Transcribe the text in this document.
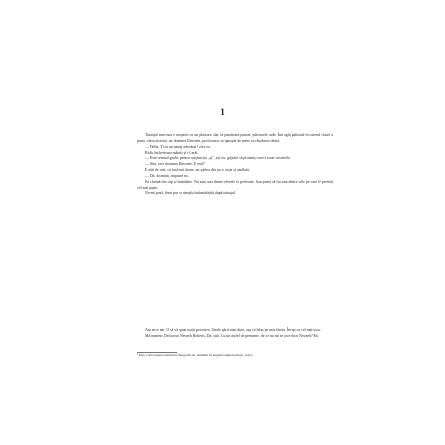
1

Tatuajul meu nou e acoperit cu un plasture, dar, la jumătatea pauzei, plasturele cade. Îmi agăț paltonul în cuierul clasei a patra, clasa noastră, iar doamna Davonte, profesoara, se apropie de mine cu râsulurea tăiată.

— Della, Ți-ai un tatuaj adevărat? zice ea.

Ridic încheietura mâinii și i-l arăt.

— Este semnul grafic pentru conjuncția „și”, zic eu, grijulie să pronunț corect toate cuvintele.

— Știu, zice doamna Davonte. E real?

E atât de real, că încă mă doare, iar pielea din jur e roșie și umflată.

— Da, doamnă, răspund eu.

Ea clatină din cap și bombăne. Nu sunt una dintre elevele ei preferate. Sau putea să fiu una dintre cele pe care le preferă cel mai puțin.

Nu-mi pasă. Sunt pur și simplu îmbunătățită după tatuajul.

Am zece ani. O să vă spun toată povestea. Unele părți sunt dure, așa că lelas pe mai târziu. Încep cu cel mai ușor.

Mă numesc Delicious Nevaeh Roberts. Da, știu. Cu un astfel de prenume, de ce nu mi se zice doar Nevaeh? Eu.

¹ Este vorba despre simbolul tipografic &, denumit în engleză ampersand (n. trad.).
